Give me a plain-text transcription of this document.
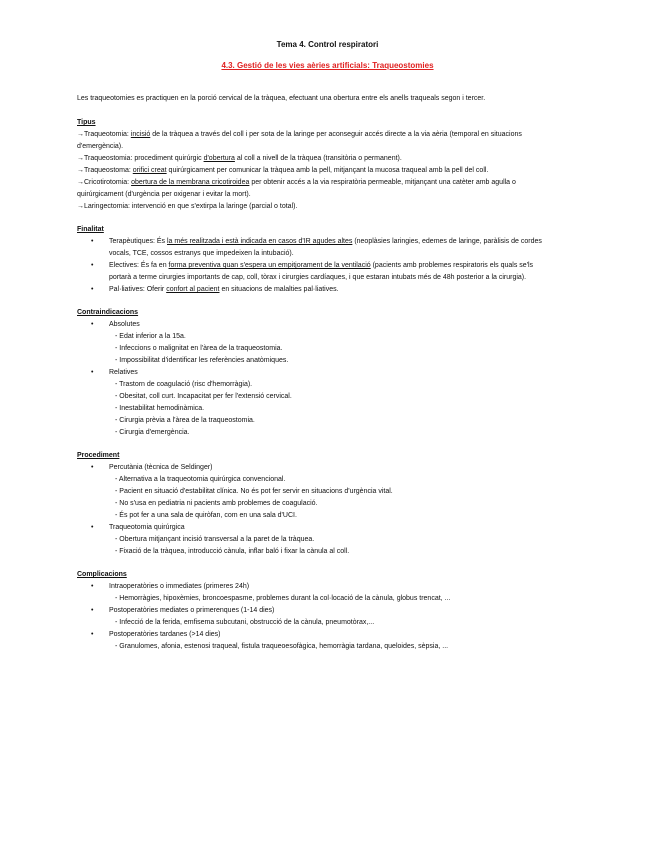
Tema 4. Control respiratori
4.3. Gestió de les vies aèries artificials: Traqueostomies

Les traqueotomies es practiquen en la porció cervical de la tràquea, efectuant una obertura entre els anells traqueals segon i tercer.

Tipus
→Traqueotomia: incisió de la tràquea a través del coll i per sota de la laringe per aconseguir accés directe a la via aèria (temporal en situacions d'emergència).
→Traqueostomia: procediment quirúrgic d'obertura al coll a nivell de la tràquea (transitòria o permanent).
→Traqueostoma: orifici creat quirúrgicament per comunicar la tràquea amb la pell, mitjançant la mucosa traqueal amb la pell del coll.
→Cricotirotomia: obertura de la membrana cricotiroidea per obtenir accés a la via respiratòria permeable, mitjançant una catèter amb agulla o quirúrgicament (d'urgència per oxigenar i evitar la mort).
→Laringectomia: intervenció en que s'extirpa la laringe (parcial o total).
Finalitat
• Terapèutiques: És la més realitzada i està indicada en casos d'IR agudes altes (neoplàsies laringies, edemes de laringe, paràlisis de cordes vocals, TCE, cossos estranys que impedeixen la intubació).
• Electives: És fa en forma preventiva quan s'espera un empitjorament de la ventilació (pacients amb problemes respiratoris els quals se'ls portarà a terme cirurgies importants de cap, coll, tòrax i cirurgies cardíaques, i que estaran intubats més de 48h posterior a la cirurgia).
• Pal·liatives: Oferir confort al pacient en situacions de malalties pal·liatives.
Contraindicacions
• Absolutes
- Edat inferior a la 15a.
- Infeccions o malignitat en l'àrea de la traqueostomia.
- Impossibilitat d'identificar les referències anatòmiques.
• Relatives
- Trastorn de coagulació (risc d'hemorràgia).
- Obesitat, coll curt. Incapacitat per fer l'extensió cervical.
- Inestabilitat hemodinàmica.
- Cirurgia prèvia a l'àrea de la traqueostomia.
- Cirurgia d'emergència.
Procediment
• Percutània (tècnica de Seldinger)
- Alternativa a la traqueotomia quirúrgica convencional.
- Pacient en situació d'estabilitat clínica. No és pot fer servir en situacions d'urgència vital.
- No s'usa en pediatria ni pacients amb problemes de coagulació.
- És pot fer a una sala de quiròfan, com en una sala d'UCI.
• Traqueotomia quirúrgica
- Obertura mitjançant incisió transversal a la paret de la tràquea.
- Fixació de la tràquea, introducció cànula, inflar baló i fixar la cànula al coll.
Complicacions
• Intraoperatòries o immediates (primeres 24h)
- Hemorràgies, hipoxèmies, broncoespasme, problemes durant la col·locació de la cànula, globus trencat, ...
• Postoperatòries mediates o primerenques (1-14 dies)
- Infecció de la ferida, emfisema subcutani, obstrucció de la cànula, pneumotòrax,...
• Postoperatòries tardanes (>14 dies)
- Granulomes, afonia, estenosi traqueal, fistula traqueoesofàgica, hemorràgia tardana, queloides, sèpsia, ...
